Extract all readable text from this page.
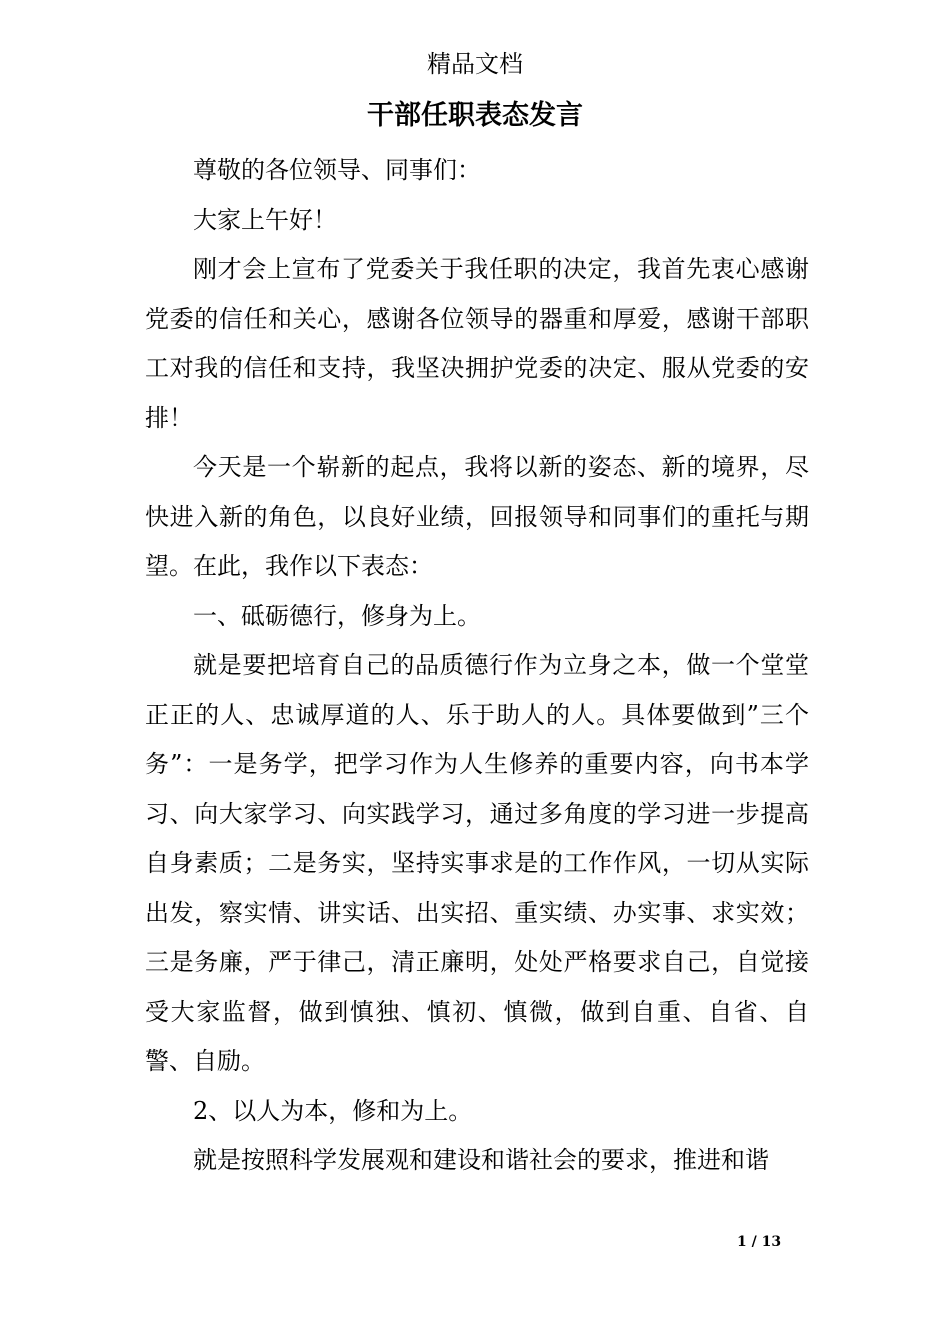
精品文档
干部任职表态发言

尊敬的各位领导、同事们：

大家上午好！

刚才会上宣布了党委关于我任职的决定，我首先衷心感谢党委的信任和关心，感谢各位领导的器重和厚爱，感谢干部职工对我的信任和支持，我坚决拥护党委的决定、服从党委的安排！

今天是一个崭新的起点，我将以新的姿态、新的境界，尽快进入新的角色，以良好业绩，回报领导和同事们的重托与期望。在此，我作以下表态：

一、砥砺德行，修身为上。

就是要把培育自己的品质德行作为立身之本，做一个堂堂正正的人、忠诚厚道的人、乐于助人的人。具体要做到”三个务”：一是务学，把学习作为人生修养的重要内容，向书本学习、向大家学习、向实践学习，通过多角度的学习进一步提高自身素质；二是务实，坚持实事求是的工作作风，一切从实际出发，察实情、讲实话、出实招、重实绩、办实事、求实效；三是务廉，严于律己，清正廉明，处处严格要求自己，自觉接受大家监督，做到慎独、慎初、慎微，做到自重、自省、自警、自励。

2、以人为本，修和为上。

就是按照科学发展观和建设和谐社会的要求，推进和谐

1 / 13
